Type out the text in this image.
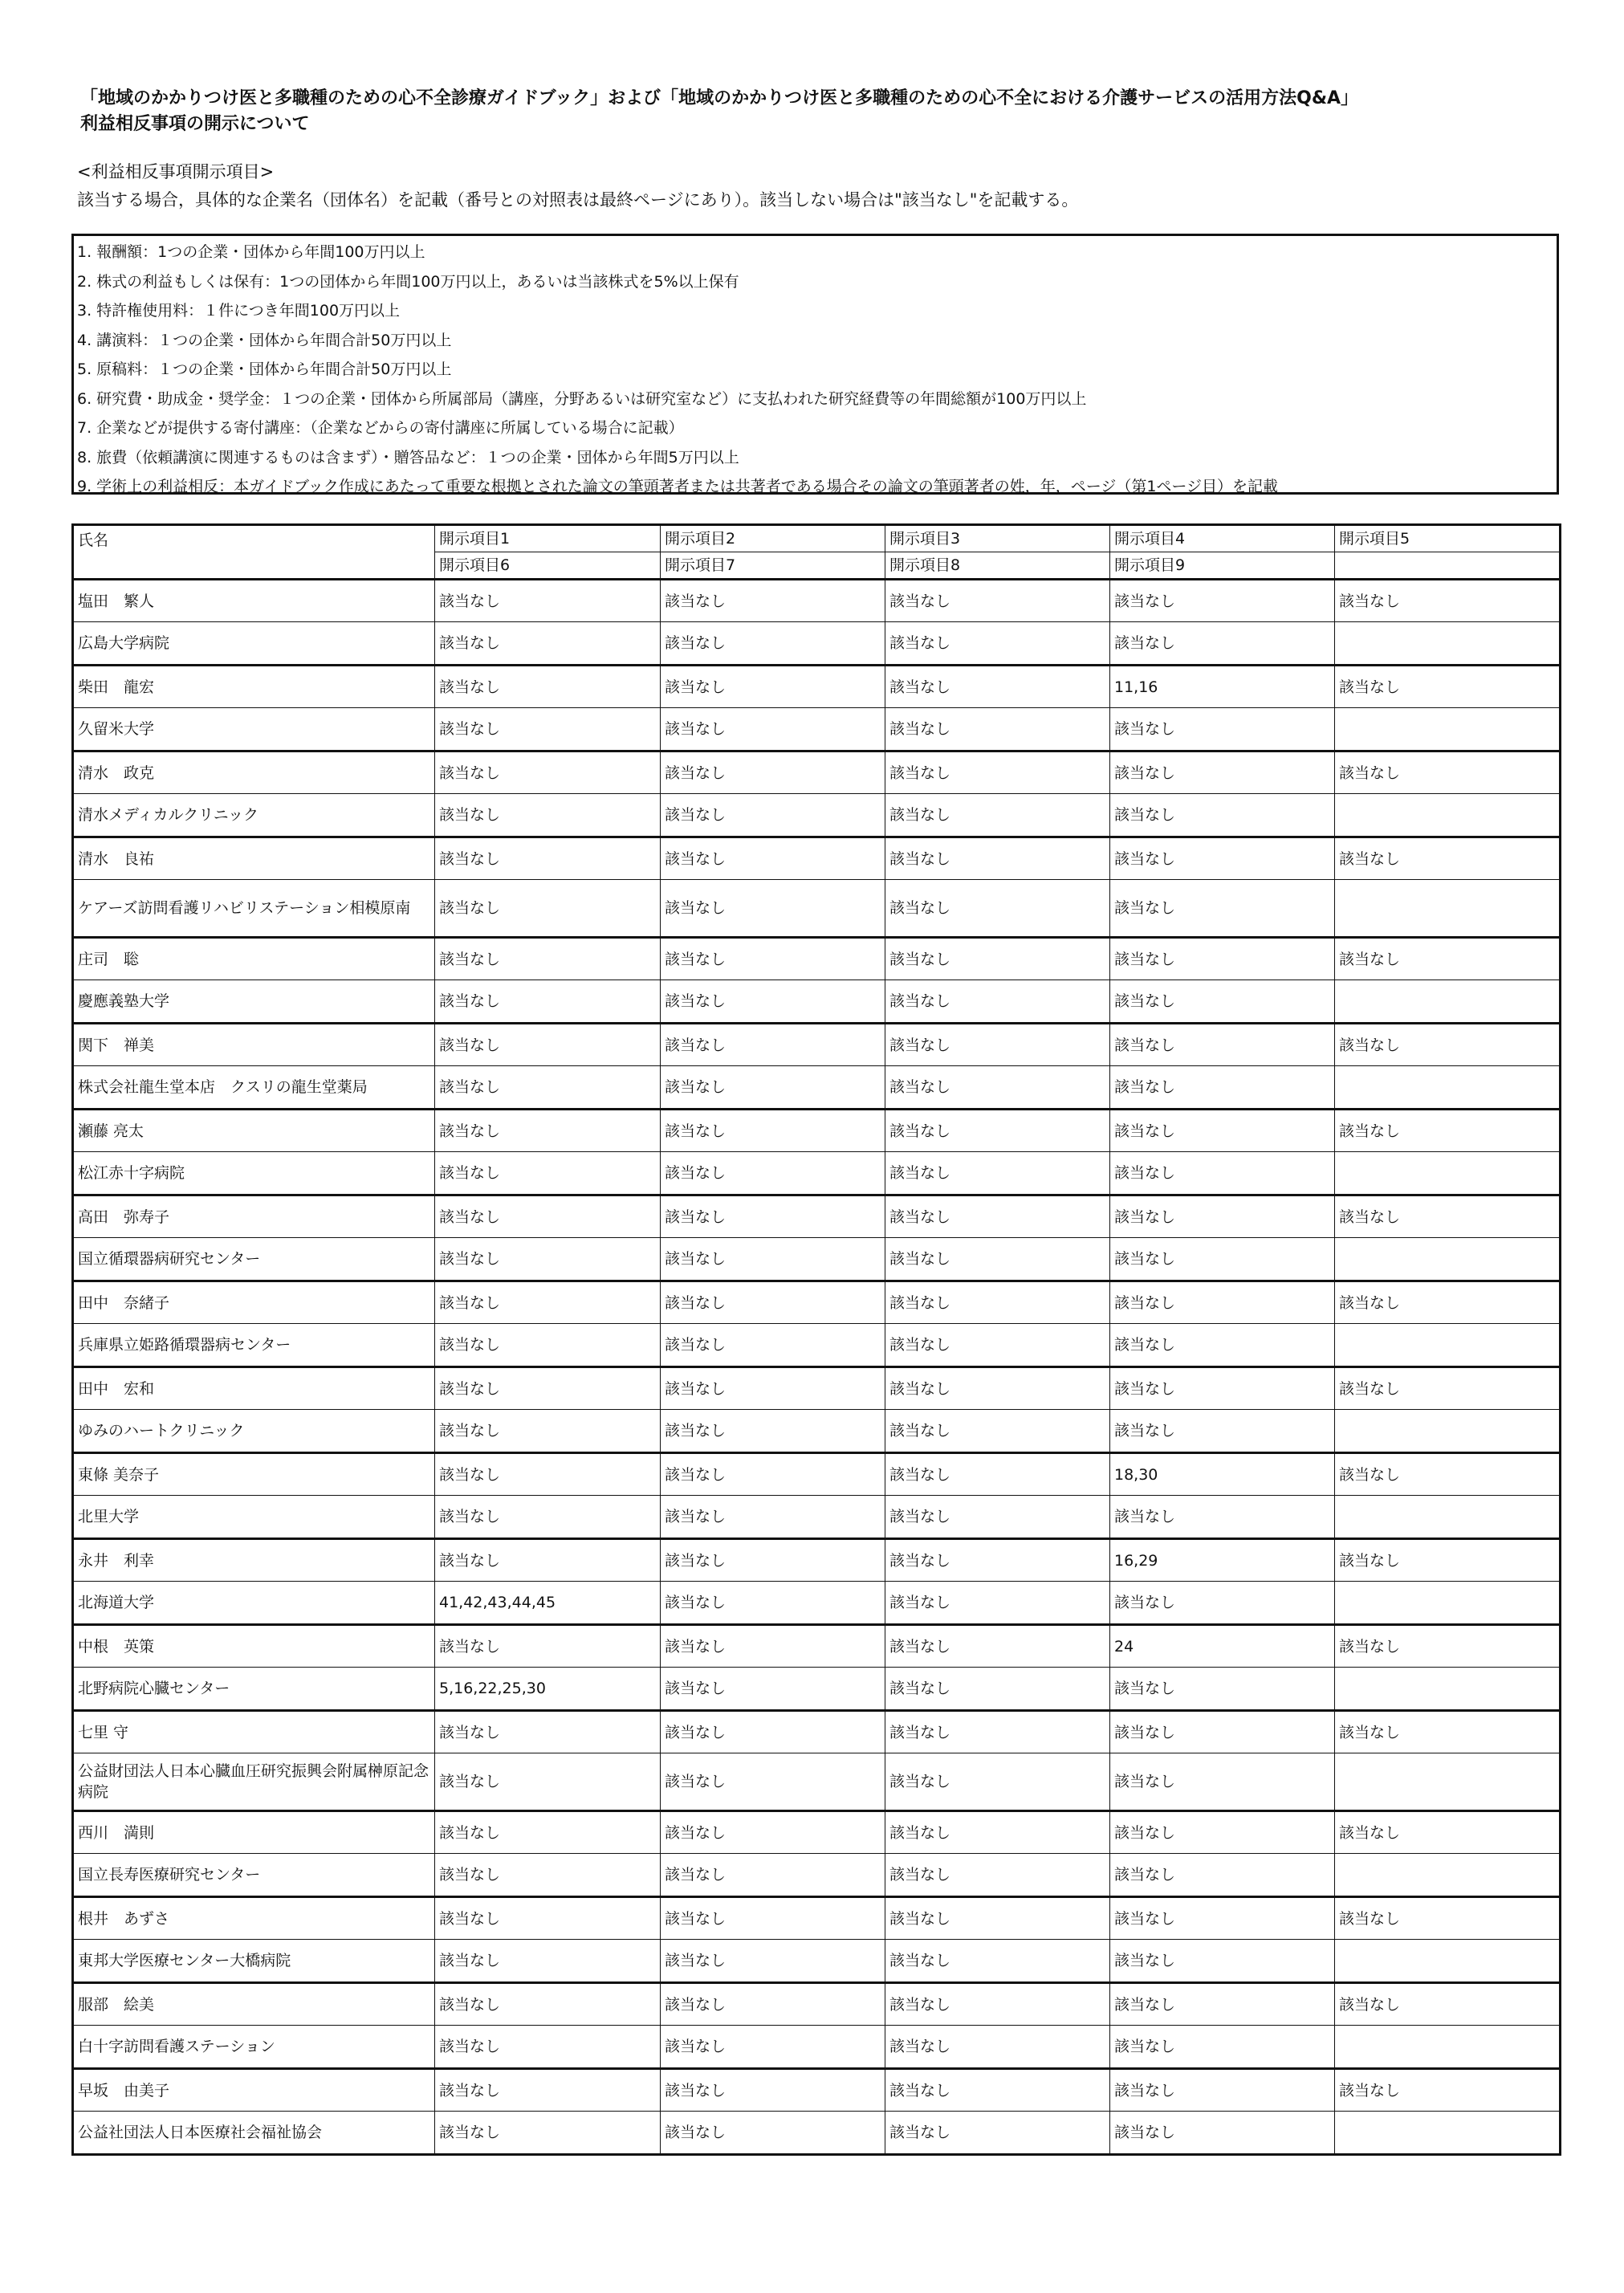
「地域のかかりつけ医と多職種のための心不全診療ガイドブック」および「地域のかかりつけ医と多職種のための心不全における介護サービスの活用方法Q&A」
利益相反事項の開示について
<利益相反事項開示項目>
該当する場合，具体的な企業名（団体名）を記載（番号との対照表は最終ページにあり）。該当しない場合は"該当なし"を記載する。
1. 報酬額：1つの企業・団体から年間100万円以上
2. 株式の利益もしくは保有：1つの団体から年間100万円以上，あるいは当該株式を5%以上保有
3. 特許権使用料：１件につき年間100万円以上
4. 講演料：１つの企業・団体から年間合計50万円以上
5. 原稿料：１つの企業・団体から年間合計50万円以上
6. 研究費・助成金・奨学金：１つの企業・団体から所属部局（講座，分野あるいは研究室など）に支払われた研究経費等の年間総額が100万円以上
7. 企業などが提供する寄付講座：（企業などからの寄付講座に所属している場合に記載）
8. 旅費（依頼講演に関連するものは含まず）・贈答品など：１つの企業・団体から年間5万円以上
9. 学術上の利益相反：本ガイドブック作成にあたって重要な根拠とされた論文の筆頭著者または共著者である場合その論文の筆頭著者の姓，年，ページ（第1ページ目）を記載
氏名	開示項目1	開示項目2	開示項目3	開示項目4	開示項目5
	開示項目6	開示項目7	開示項目8	開示項目9	
塩田　繁人	該当なし	該当なし	該当なし	該当なし	該当なし
広島大学病院	該当なし	該当なし	該当なし	該当なし	
柴田　龍宏	該当なし	該当なし	該当なし	11,16	該当なし
久留米大学	該当なし	該当なし	該当なし	該当なし	
清水　政克	該当なし	該当なし	該当なし	該当なし	該当なし
清水メディカルクリニック	該当なし	該当なし	該当なし	該当なし	
清水　良祐	該当なし	該当なし	該当なし	該当なし	該当なし
ケアーズ訪問看護リハビリステーション相模原南	該当なし	該当なし	該当なし	該当なし	
庄司　聡	該当なし	該当なし	該当なし	該当なし	該当なし
慶應義塾大学	該当なし	該当なし	該当なし	該当なし	
関下　禅美	該当なし	該当なし	該当なし	該当なし	該当なし
株式会社龍生堂本店　クスリの龍生堂薬局	該当なし	該当なし	該当なし	該当なし	
瀬藤 亮太	該当なし	該当なし	該当なし	該当なし	該当なし
松江赤十字病院	該当なし	該当なし	該当なし	該当なし	
高田　弥寿子	該当なし	該当なし	該当なし	該当なし	該当なし
国立循環器病研究センター	該当なし	該当なし	該当なし	該当なし	
田中　奈緒子	該当なし	該当なし	該当なし	該当なし	該当なし
兵庫県立姫路循環器病センター	該当なし	該当なし	該当なし	該当なし	
田中　宏和	該当なし	該当なし	該当なし	該当なし	該当なし
ゆみのハートクリニック	該当なし	該当なし	該当なし	該当なし	
東條 美奈子	該当なし	該当なし	該当なし	18,30	該当なし
北里大学	該当なし	該当なし	該当なし	該当なし	
永井　利幸	該当なし	該当なし	該当なし	16,29	該当なし
北海道大学	41,42,43,44,45	該当なし	該当なし	該当なし	
中根　英策	該当なし	該当なし	該当なし	24	該当なし
北野病院心臓センター	5,16,22,25,30	該当なし	該当なし	該当なし	
七里 守	該当なし	該当なし	該当なし	該当なし	該当なし
公益財団法人日本心臓血圧研究振興会附属榊原記念病院	該当なし	該当なし	該当なし	該当なし	
西川　満則	該当なし	該当なし	該当なし	該当なし	該当なし
国立長寿医療研究センター	該当なし	該当なし	該当なし	該当なし	
根井　あずさ	該当なし	該当なし	該当なし	該当なし	該当なし
東邦大学医療センター大橋病院	該当なし	該当なし	該当なし	該当なし	
服部　絵美	該当なし	該当なし	該当なし	該当なし	該当なし
白十字訪問看護ステーション	該当なし	該当なし	該当なし	該当なし	
早坂　由美子	該当なし	該当なし	該当なし	該当なし	該当なし
公益社団法人日本医療社会福祉協会	該当なし	該当なし	該当なし	該当なし	
